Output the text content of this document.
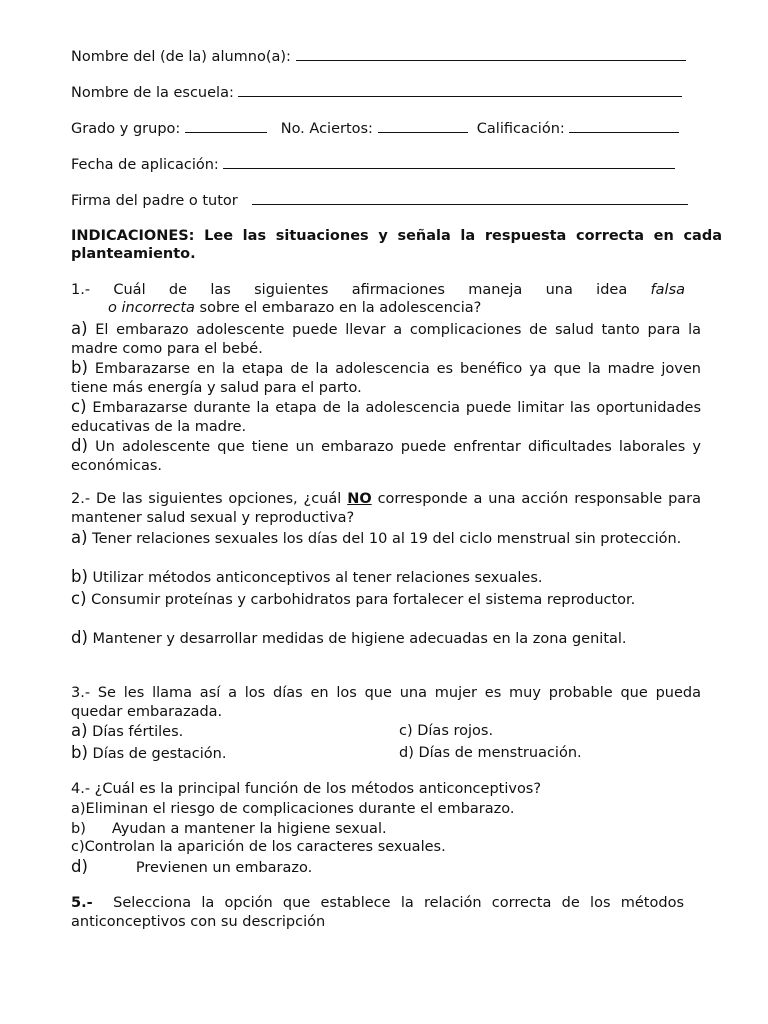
Nombre del (de la) alumno(a):
Nombre de la escuela:
Grado y grupo:	No. Aciertos:	Calificación:
Fecha de aplicación:
Firma del padre o tutor
INDICACIONES: Lee las situaciones y señala la respuesta correcta en cada
planteamiento.
1.- Cuál de las siguientes afirmaciones maneja una idea falsa
o incorrecta sobre el embarazo en la adolescencia?
a) El embarazo adolescente puede llevar a complicaciones de salud tanto para la madre como para el bebé.
b) Embarazarse en la etapa de la adolescencia es benéfico ya que la madre joven tiene más energía y salud para el parto.
c) Embarazarse durante la etapa de la adolescencia puede limitar las oportunidades educativas de la madre.
d) Un adolescente que tiene un embarazo puede enfrentar dificultades laborales y económicas.
2.- De las siguientes opciones, ¿cuál NO corresponde a una acción responsable para mantener salud sexual y reproductiva?
a) Tener relaciones sexuales los días del 10 al 19 del ciclo menstrual sin protección.
b) Utilizar métodos anticonceptivos al tener relaciones sexuales.
c) Consumir proteínas y carbohidratos para fortalecer el sistema reproductor.
d) Mantener y desarrollar medidas de higiene adecuadas en la zona genital.
3.- Se les llama así a los días en los que una mujer es muy probable que pueda quedar embarazada.
a) Días fértiles.
b) Días de gestación.
c) Días rojos.
d) Días de menstruación.
4.- ¿Cuál es la principal función de los métodos anticonceptivos?
a)Eliminan el riesgo de complicaciones durante el embarazo.
b) Ayudan a mantener la higiene sexual.
c)Controlan la aparición de los caracteres sexuales.
d)	Previenen un embarazo.
5.- Selecciona la opción que establece la relación correcta de los métodos anticonceptivos con su descripción
